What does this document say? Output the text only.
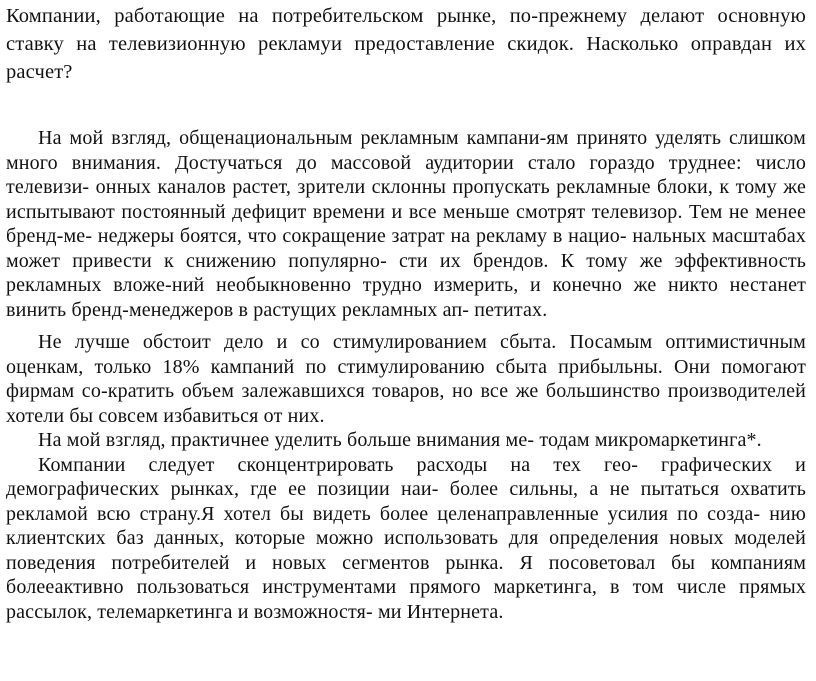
Компании, работающие на потребительском рынке, по-прежнему делают основную ставку на телевизионную рекламуи предоставление скидок. Насколько оправдан их расчет?

На мой взгляд, общенациональным рекламным кампани-ям принято уделять слишком много внимания. Достучаться до массовой аудитории стало гораздо труднее: число телевизи- онных каналов растет, зрители склонны пропускать рекламные блоки, к тому же испытывают постоянный дефицит времени и все меньше смотрят телевизор. Тем не менее бренд-ме- неджеры боятся, что сокращение затрат на рекламу в нацио- нальных масштабах может привести к снижению популярно- сти их брендов. К тому же эффективность рекламных вложе-ний необыкновенно трудно измерить, и конечно же никто нестанет винить бренд-менеджеров в растущих рекламных ап- петитах.

Не лучше обстоит дело и со стимулированием сбыта. Посамым оптимистичным оценкам, только 18% кампаний по стимулированию сбыта прибыльны. Они помогают фирмам со-кратить объем залежавшихся товаров, но все же большинство производителей хотели бы совсем избавиться от них.

На мой взгляд, практичнее уделить больше внимания ме- тодам микромаркетинга*.

Компании следует сконцентрировать расходы на тех гео- графических и демографических рынках, где ее позиции наи- более сильны, а не пытаться охватить рекламой всю страну.Я хотел бы видеть более целенаправленные усилия по созда- нию клиентских баз данных, которые можно использовать для определения новых моделей поведения потребителей и новых сегментов рынка. Я посоветовал бы компаниям болееактивно пользоваться инструментами прямого маркетинга, в том числе прямых рассылок, телемаркетинга и возможностя- ми Интернета.
